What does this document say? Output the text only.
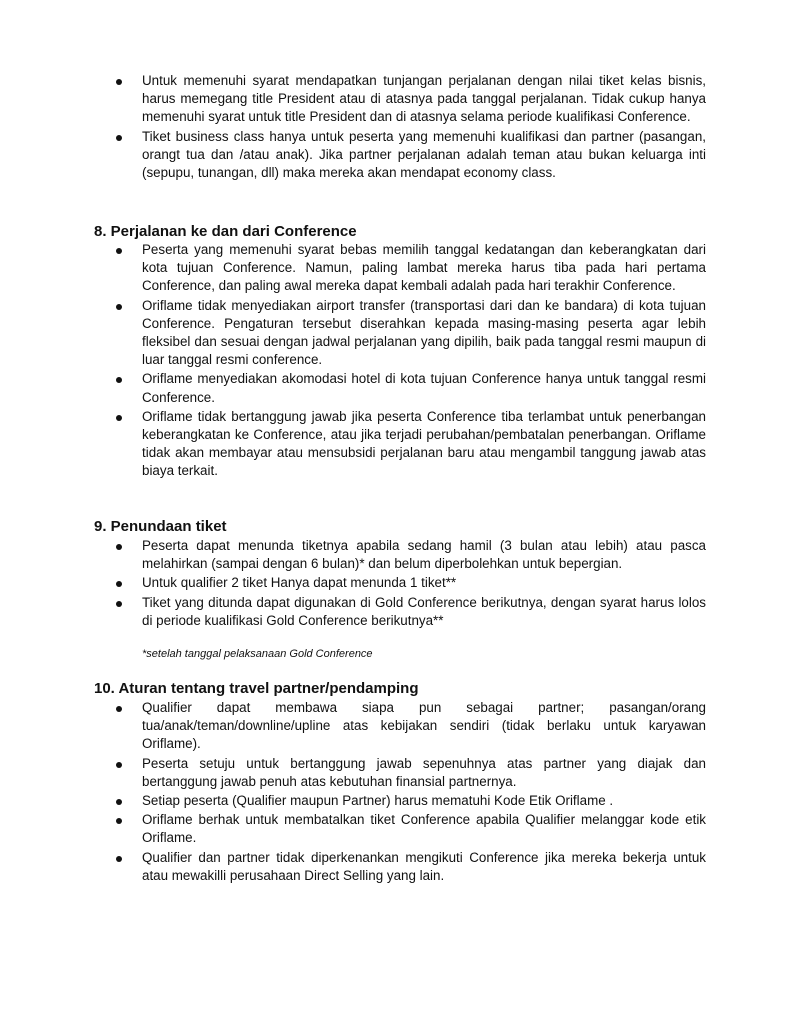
Untuk memenuhi syarat mendapatkan tunjangan perjalanan dengan nilai tiket kelas bisnis, harus memegang title President atau di atasnya pada tanggal perjalanan. Tidak cukup hanya memenuhi syarat untuk title President dan di atasnya selama periode kualifikasi Conference.
Tiket business class hanya untuk peserta yang memenuhi kualifikasi dan partner (pasangan, orangt tua dan /atau anak). Jika partner perjalanan adalah teman atau bukan keluarga inti (sepupu, tunangan, dll) maka mereka akan mendapat economy class.
8. Perjalanan ke dan dari Conference
Peserta yang memenuhi syarat bebas memilih tanggal kedatangan dan keberangkatan dari kota tujuan Conference. Namun, paling lambat mereka harus tiba pada hari pertama Conference, dan paling awal mereka dapat kembali adalah pada hari terakhir Conference.
Oriflame tidak menyediakan airport transfer (transportasi dari dan ke bandara) di kota tujuan Conference. Pengaturan tersebut diserahkan kepada masing-masing peserta agar lebih fleksibel dan sesuai dengan jadwal perjalanan yang dipilih, baik pada tanggal resmi maupun di luar tanggal resmi conference.
Oriflame menyediakan akomodasi hotel di kota tujuan Conference hanya untuk tanggal resmi Conference.
Oriflame tidak bertanggung jawab jika peserta Conference tiba terlambat untuk penerbangan keberangkatan ke Conference, atau jika terjadi perubahan/pembatalan penerbangan. Oriflame tidak akan membayar atau mensubsidi perjalanan baru atau mengambil tanggung jawab atas biaya terkait.
9. Penundaan tiket
Peserta dapat menunda tiketnya apabila sedang hamil (3 bulan atau lebih) atau pasca melahirkan (sampai dengan 6 bulan)* dan belum diperbolehkan untuk bepergian.
Untuk qualifier 2 tiket Hanya dapat menunda 1 tiket**
Tiket yang ditunda dapat digunakan di Gold Conference berikutnya, dengan syarat harus lolos di periode kualifikasi Gold Conference berikutnya**

*setelah tanggal pelaksanaan Gold Conference

10. Aturan tentang travel partner/pendamping
Qualifier dapat membawa siapa pun sebagai partner; pasangan/orang tua/anak/teman/downline/upline atas kebijakan sendiri (tidak berlaku untuk karyawan Oriflame).
Peserta setuju untuk bertanggung jawab sepenuhnya atas partner yang diajak dan bertanggung jawab penuh atas kebutuhan finansial partnernya.
Setiap peserta (Qualifier maupun Partner) harus mematuhi Kode Etik Oriflame .
Oriflame berhak untuk membatalkan tiket Conference apabila Qualifier melanggar kode etik Oriflame.
Qualifier dan partner tidak diperkenankan mengikuti Conference jika mereka bekerja untuk atau mewakilli perusahaan Direct Selling yang lain.
